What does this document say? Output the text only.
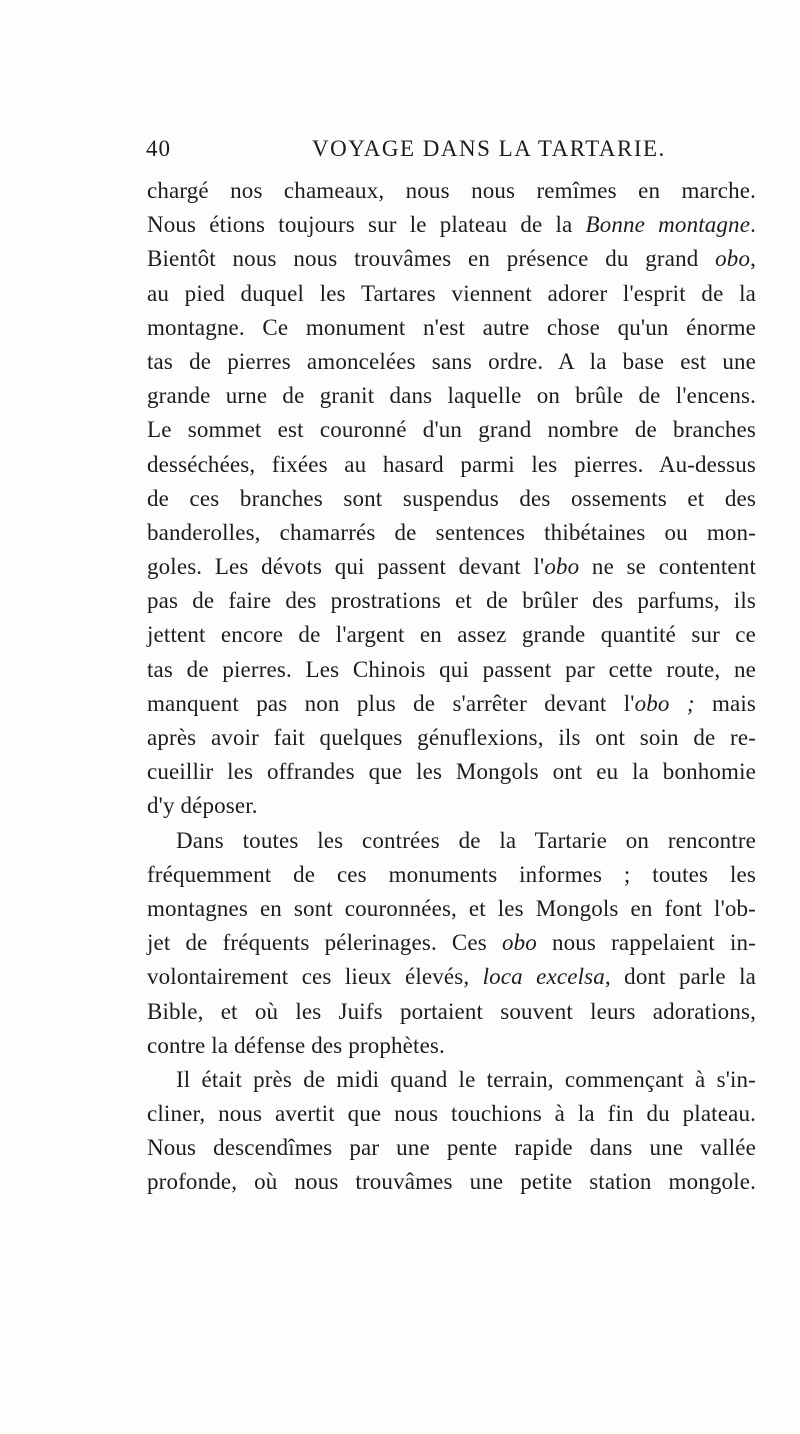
40	VOYAGE DANS LA TARTARIE.
chargé nos chameaux, nous nous remîmes en marche.
Nous étions toujours sur le plateau de la Bonne montagne.
Bientôt nous nous trouvâmes en présence du grand obo,
au pied duquel les Tartares viennent adorer l'esprit de la
montagne. Ce monument n'est autre chose qu'un énorme
tas de pierres amoncelées sans ordre. A la base est une
grande urne de granit dans laquelle on brûle de l'encens.
Le sommet est couronné d'un grand nombre de branches
desséchées, fixées au hasard parmi les pierres. Au-dessus
de ces branches sont suspendus des ossements et des
banderolles, chamarrés de sentences thibétaines ou mon-
goles. Les dévots qui passent devant l'obo ne se contentent
pas de faire des prostrations et de brûler des parfums, ils
jettent encore de l'argent en assez grande quantité sur ce
tas de pierres. Les Chinois qui passent par cette route, ne
manquent pas non plus de s'arrêter devant l'obo ; mais
après avoir fait quelques génuflexions, ils ont soin de re-
cueillir les offrandes que les Mongols ont eu la bonhomie
d'y déposer.
Dans toutes les contrées de la Tartarie on rencontre
fréquemment de ces monuments informes ; toutes les
montagnes en sont couronnées, et les Mongols en font l'ob-
jet de fréquents pélerinages. Ces obo nous rappelaient in-
volontairement ces lieux élevés, loca excelsa, dont parle la
Bible, et où les Juifs portaient souvent leurs adorations,
contre la défense des prophètes.
Il était près de midi quand le terrain, commençant à s'in-
cliner, nous avertit que nous touchions à la fin du plateau.
Nous descendîmes par une pente rapide dans une vallée
profonde, où nous trouvâmes une petite station mongole.
